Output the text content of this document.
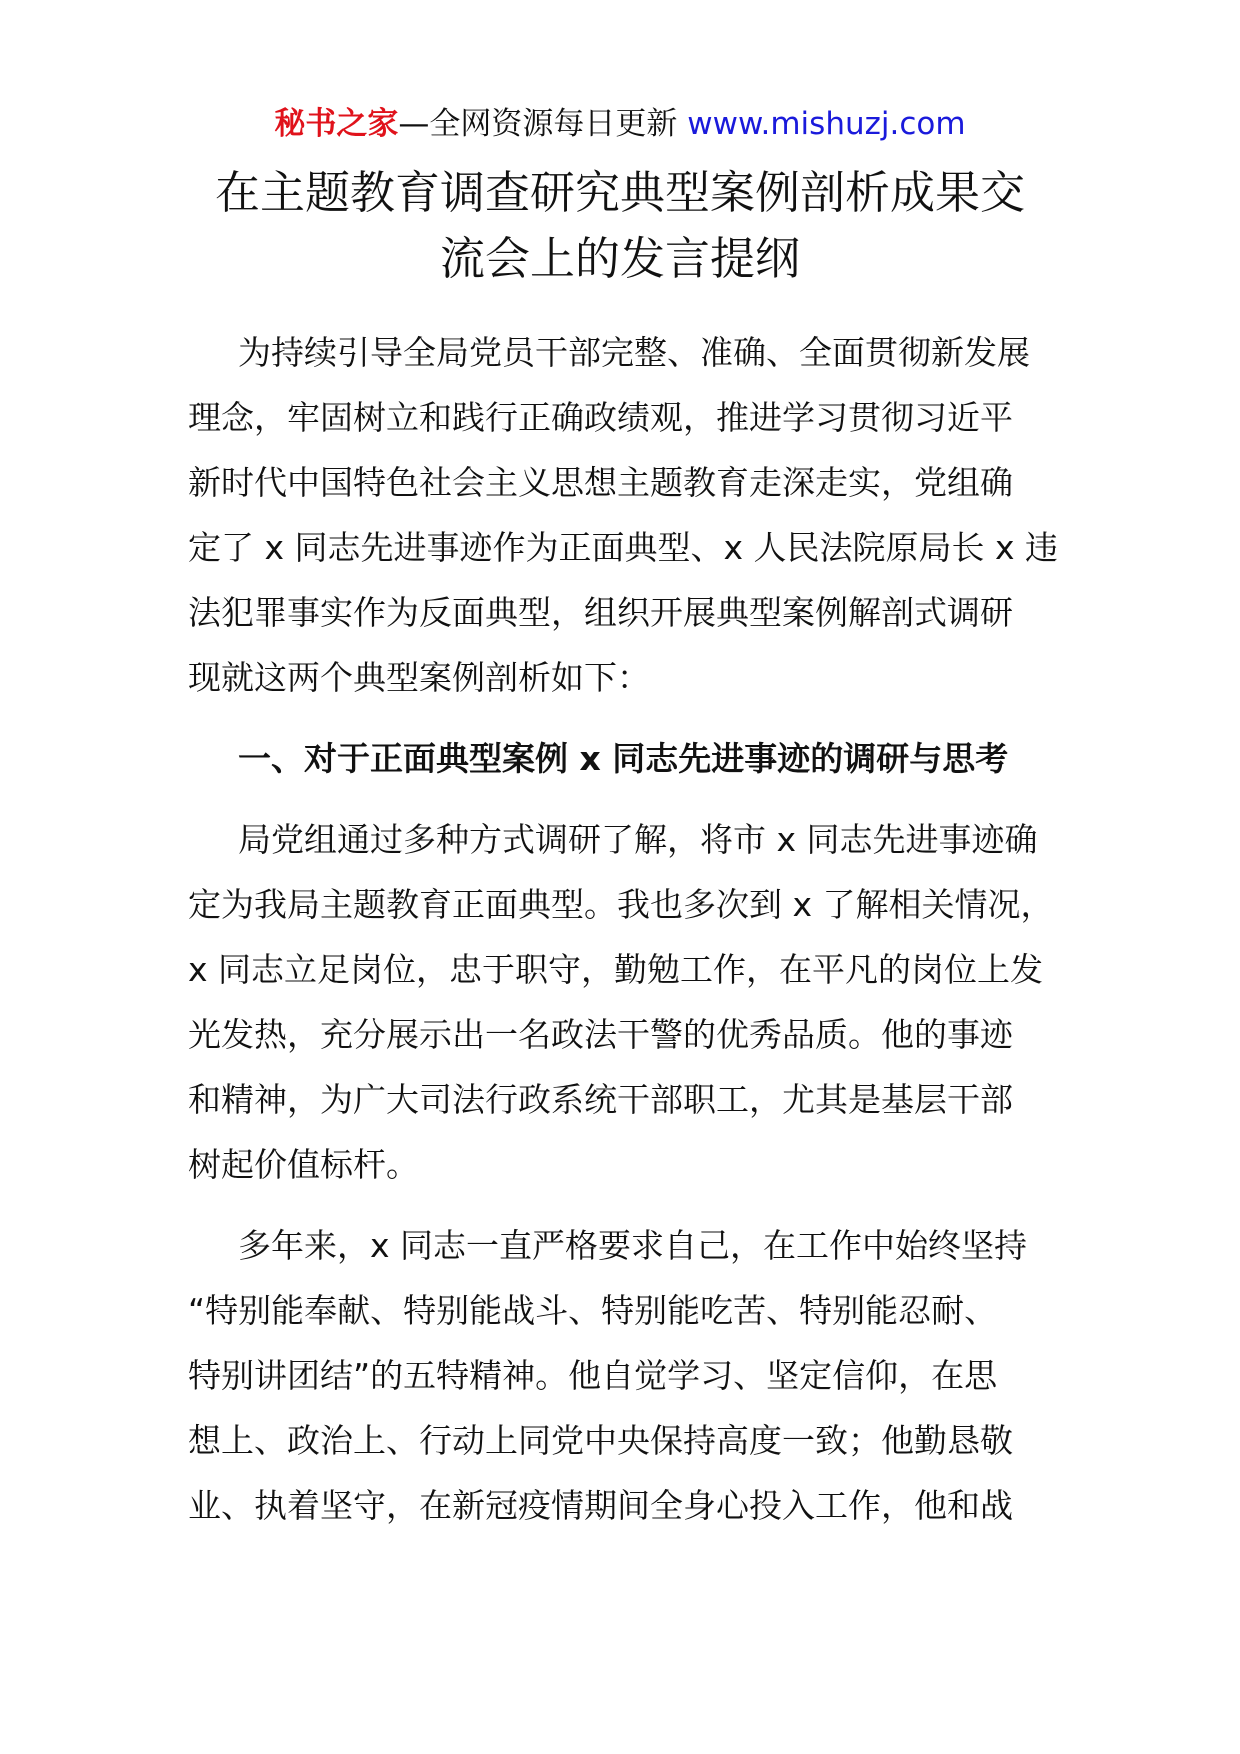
秘书之家—全网资源每日更新 www.mishuzj.com
在主题教育调查研究典型案例剖析成果交
流会上的发言提纲
为持续引导全局党员干部完整、准确、全面贯彻新发展
理念，牢固树立和践行正确政绩观，推进学习贯彻习近平
新时代中国特色社会主义思想主题教育走深走实，党组确
定了 x 同志先进事迹作为正面典型、x 人民法院原局长 x 违
法犯罪事实作为反面典型，组织开展典型案例解剖式调研
现就这两个典型案例剖析如下：
一、对于正面典型案例 x 同志先进事迹的调研与思考
局党组通过多种方式调研了解，将市 x 同志先进事迹确
定为我局主题教育正面典型。我也多次到 x 了解相关情况，
x 同志立足岗位，忠于职守，勤勉工作，在平凡的岗位上发
光发热，充分展示出一名政法干警的优秀品质。他的事迹
和精神，为广大司法行政系统干部职工，尤其是基层干部
树起价值标杆。
多年来，x 同志一直严格要求自己，在工作中始终坚持
“特别能奉献、特别能战斗、特别能吃苦、特别能忍耐、
特别讲团结”的五特精神。他自觉学习、坚定信仰，在思
想上、政治上、行动上同党中央保持高度一致；他勤恳敬
业、执着坚守，在新冠疫情期间全身心投入工作，他和战
